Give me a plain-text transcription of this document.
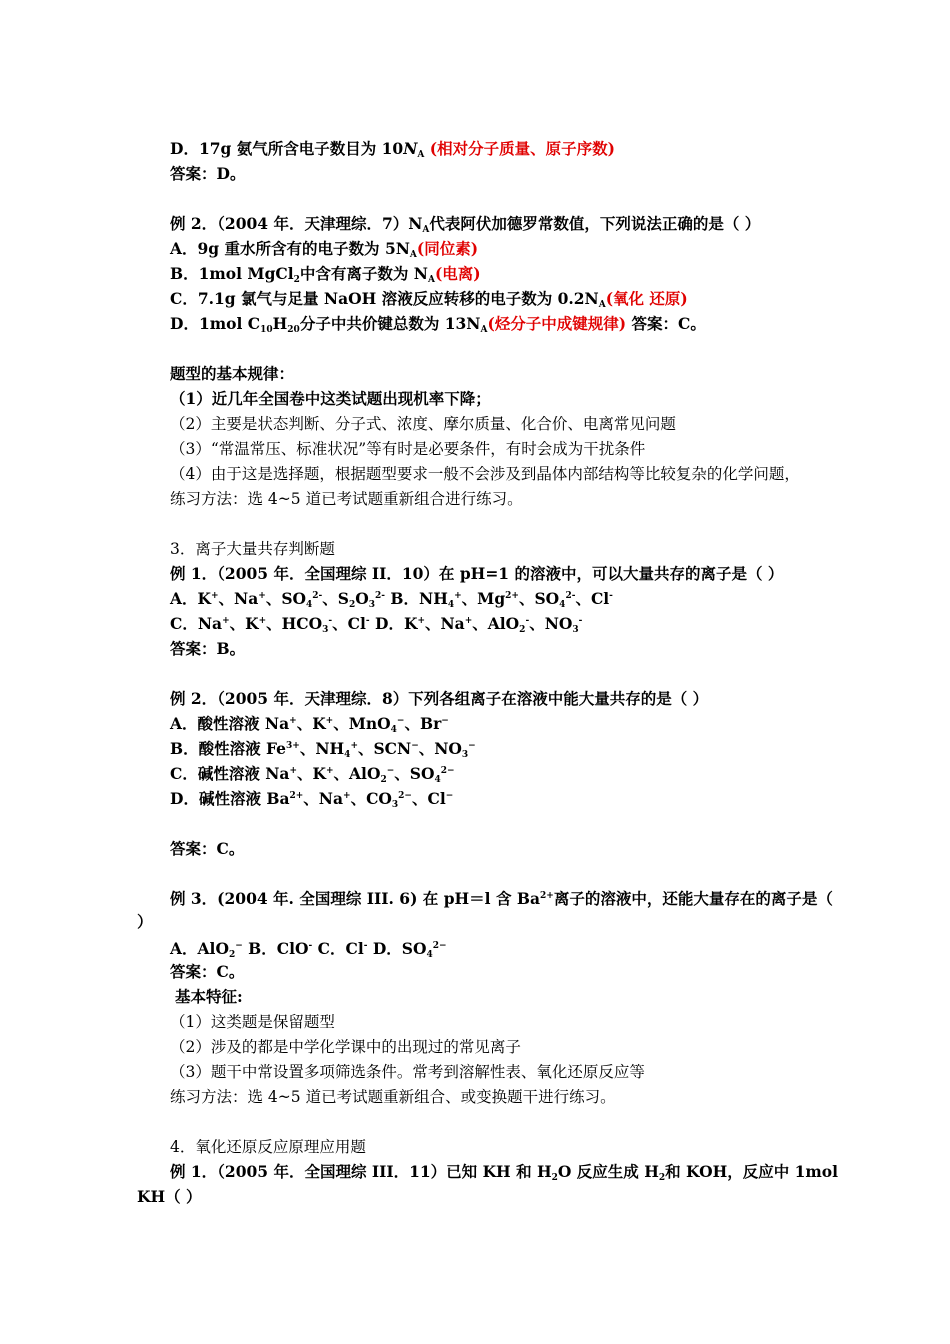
D．17g 氨气所含电子数目为 $10N_A$ (相对分子质量、原子序数)
答案：D。
例 2．（2004 年．天津理综．$7)N_A$代表阿伏加德罗常数值，下列说法正确的是（ ）
A．9g 重水所含有的电子数为 $5N_A$(同位素)
B．1mol MgCl$_2$中含有离子数为 $N_A$(电离)
C．7.1g 氯气与足量 NaOH 溶液反应转移的电子数为 $0.2N_A$(氧化 还原)
D．1mol $C_{10}H_{20}$分子中共价键总数为 $13N_A$(烃分子中成键规律) 答案：C。
题型的基本规律：
（1）近几年全国卷中这类试题出现机率下降；
（2）主要是状态判断、分子式、浓度、摩尔质量、化合价、电离常见问题
（3）“常温常压、标准状况”等有时是必要条件，有时会成为干扰条件
（4）由于这是选择题，根据题型要求一般不会涉及到晶体内部结构等比较复杂的化学问题，
练习方法：选 4~5 道已考试题重新组合进行练习。
3．离子大量共存判断题
例 1．（2005 年．全国理综 II．10）在 pH=1 的溶液中，可以大量共存的离子是（ ）
A．K+、Na+、$SO_4^{2-}$、$S_2O_3^{2-}$ B．$NH_4^+$、$Mg^{2+}$、$SO_4^{2-}$、Cl-
C．Na+、K+、$HCO_3^-$、Cl- D．K+、Na+、AlO$_2$-、$NO_3^-$
答案：B。
例 2．（2005 年．天津理综．8）下列各组离子在溶液中能大量共存的是（ ）
A．酸性溶液 Na+、K+、MnO$_4$−、Br−
B．酸性溶液 $Fe^{3+}$、$NH_4^+$、SCN−、$NO_3^-$
C．碱性溶液 Na+、K+、AlO$_2$−、$SO_4^{2-}$
D．碱性溶液 $Ba^{2+}$、Na+、$CO_3^{2-}$、Cl−
答案：C。
例 3．(2004 年. 全国理综 III. 6) 在 pH＝l 含 $Ba^{2+}$离子的溶液中，还能大量存在的离子是（
）
A．AlO$_2$− B．ClO- C．Cl- D．$SO_4^{2-}$
答案：C。
基本特征:
（1）这类题是保留题型
（2）涉及的都是中学化学课中的出现过的常见离子
（3）题干中常设置多项筛选条件。常考到溶解性表、氧化还原反应等
练习方法：选 4~5 道已考试题重新组合、或变换题干进行练习。
4．氧化还原反应原理应用题
例 1．（2005 年．全国理综 III．11）已知 KH 和 $H_2O$ 反应生成 $H_2$和 KOH，反应中 1mol
KH（ ）
